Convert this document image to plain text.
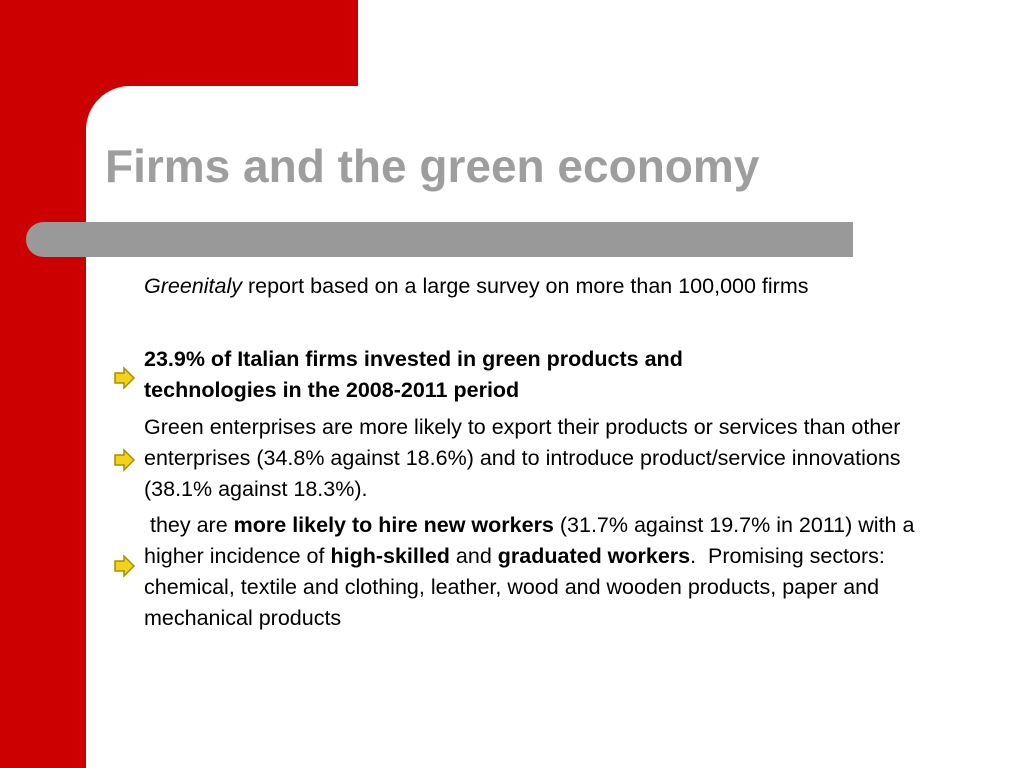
Firms and the green economy

Greenitaly report based on a large survey on more than 100,000 firms

23.9% of Italian firms invested in green products and
technologies in the 2008-2011 period

Green enterprises are more likely to export their products or services than other enterprises (34.8% against 18.6%) and to introduce product/service innovations (38.1% against 18.3%).

they are more likely to hire new workers (31.7% against 19.7% in 2011) with a higher incidence of high-skilled and graduated workers.  Promising sectors: chemical, textile and clothing, leather, wood and wooden products, paper and mechanical products
